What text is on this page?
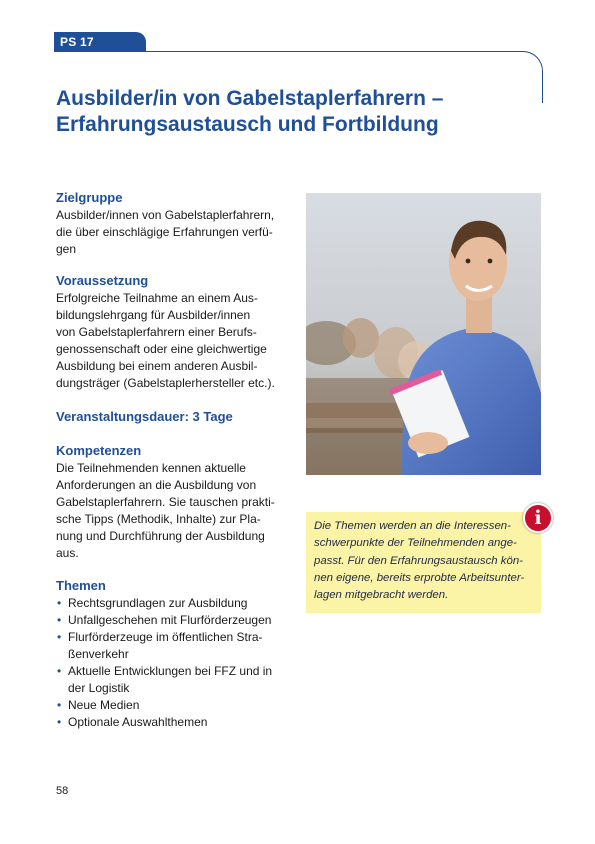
PS 17
Ausbilder/in von Gabelstaplerfahrern –
Erfahrungsaustausch und Fortbildung
Zielgruppe
Ausbilder/innen von Gabelstaplerfahrern,
die über einschlägige Erfahrungen verfü-
gen
Voraussetzung
Erfolgreiche Teilnahme an einem Aus-
bildungslehrgang für Ausbilder/innen
von Gabelstaplerfahrern einer Berufs-
genossenschaft oder eine gleichwertige
Ausbildung bei einem anderen Ausbil-
dungsträger (Gabelstaplerhersteller etc.).
Veranstaltungsdauer: 3 Tage
Kompetenzen
Die Teilnehmenden kennen aktuelle
Anforderungen an die Ausbildung von
Gabelstaplerfahrern. Sie tauschen prakti-
sche Tipps (Methodik, Inhalte) zur Pla-
nung und Durchführung der Ausbildung
aus.
Themen
• Rechtsgrundlagen zur Ausbildung
• Unfallgeschehen mit Flurförderzeugen
• Flurförderzeuge im öffentlichen Stra-
ßenverkehr
• Aktuelle Entwicklungen bei FFZ und in
der Logistik
• Neue Medien
• Optionale Auswahlthemen
Die Themen werden an die Interessen-
schwerpunkte der Teilnehmenden ange-
passt. Für den Erfahrungsaustausch kön-
nen eigene, bereits erprobte Arbeitsunter-
lagen mitgebracht werden.
i
58
